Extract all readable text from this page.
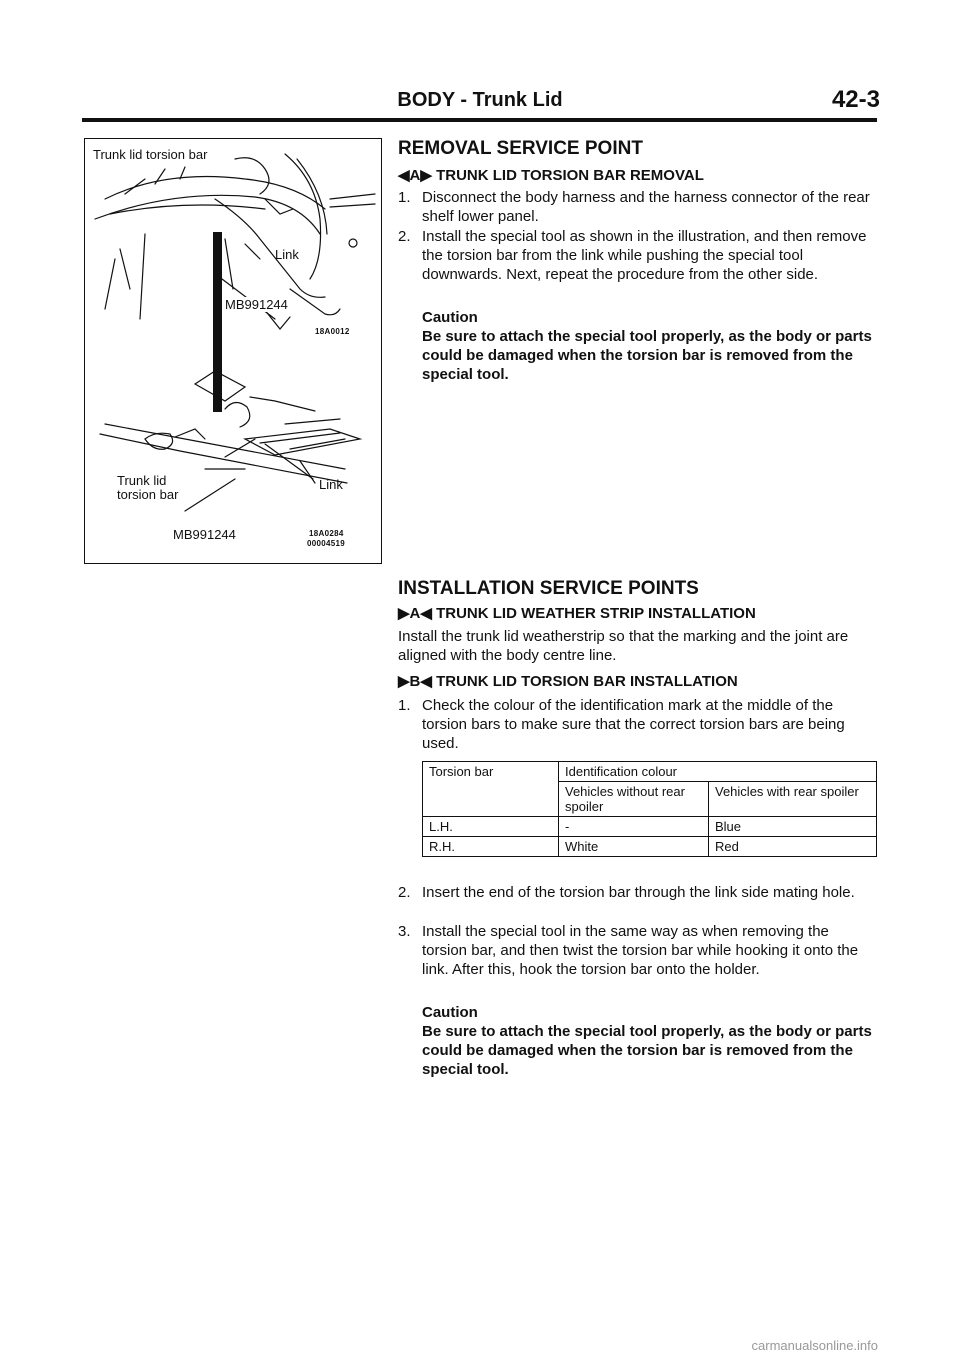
BODY - Trunk Lid	42-3
Trunk lid torsion bar
Link
MB991244
18A0012
Trunk lid
torsion bar
Link
MB991244	18A0284
00004519
REMOVAL SERVICE POINT
◀A▶ TRUNK LID TORSION BAR REMOVAL
1. Disconnect the body harness and the harness connector of the rear shelf lower panel.
2. Install the special tool as shown in the illustration, and then remove the torsion bar from the link while pushing the special tool downwards. Next, repeat the procedure from the other side.
Caution
Be sure to attach the special tool properly, as the body or parts could be damaged when the torsion bar is removed from the special tool.
INSTALLATION SERVICE POINTS
▶A◀ TRUNK LID WEATHER STRIP INSTALLATION
Install the trunk lid weatherstrip so that the marking and the joint are aligned with the body centre line.
▶B◀ TRUNK LID TORSION BAR INSTALLATION
1. Check the colour of the identification mark at the middle of the torsion bars to make sure that the correct torsion bars are being used.
Torsion bar	Identification colour	
	Vehicles without rear spoiler	Vehicles with rear spoiler
L.H.	-	Blue
R.H.	White	Red
2. Insert the end of the torsion bar through the link side mating hole.
3. Install the special tool in the same way as when removing the torsion bar, and then twist the torsion bar while hooking it onto the link. After this, hook the torsion bar onto the holder.
Caution
Be sure to attach the special tool properly, as the body or parts could be damaged when the torsion bar is removed from the special tool.
carmanualsonline.info
